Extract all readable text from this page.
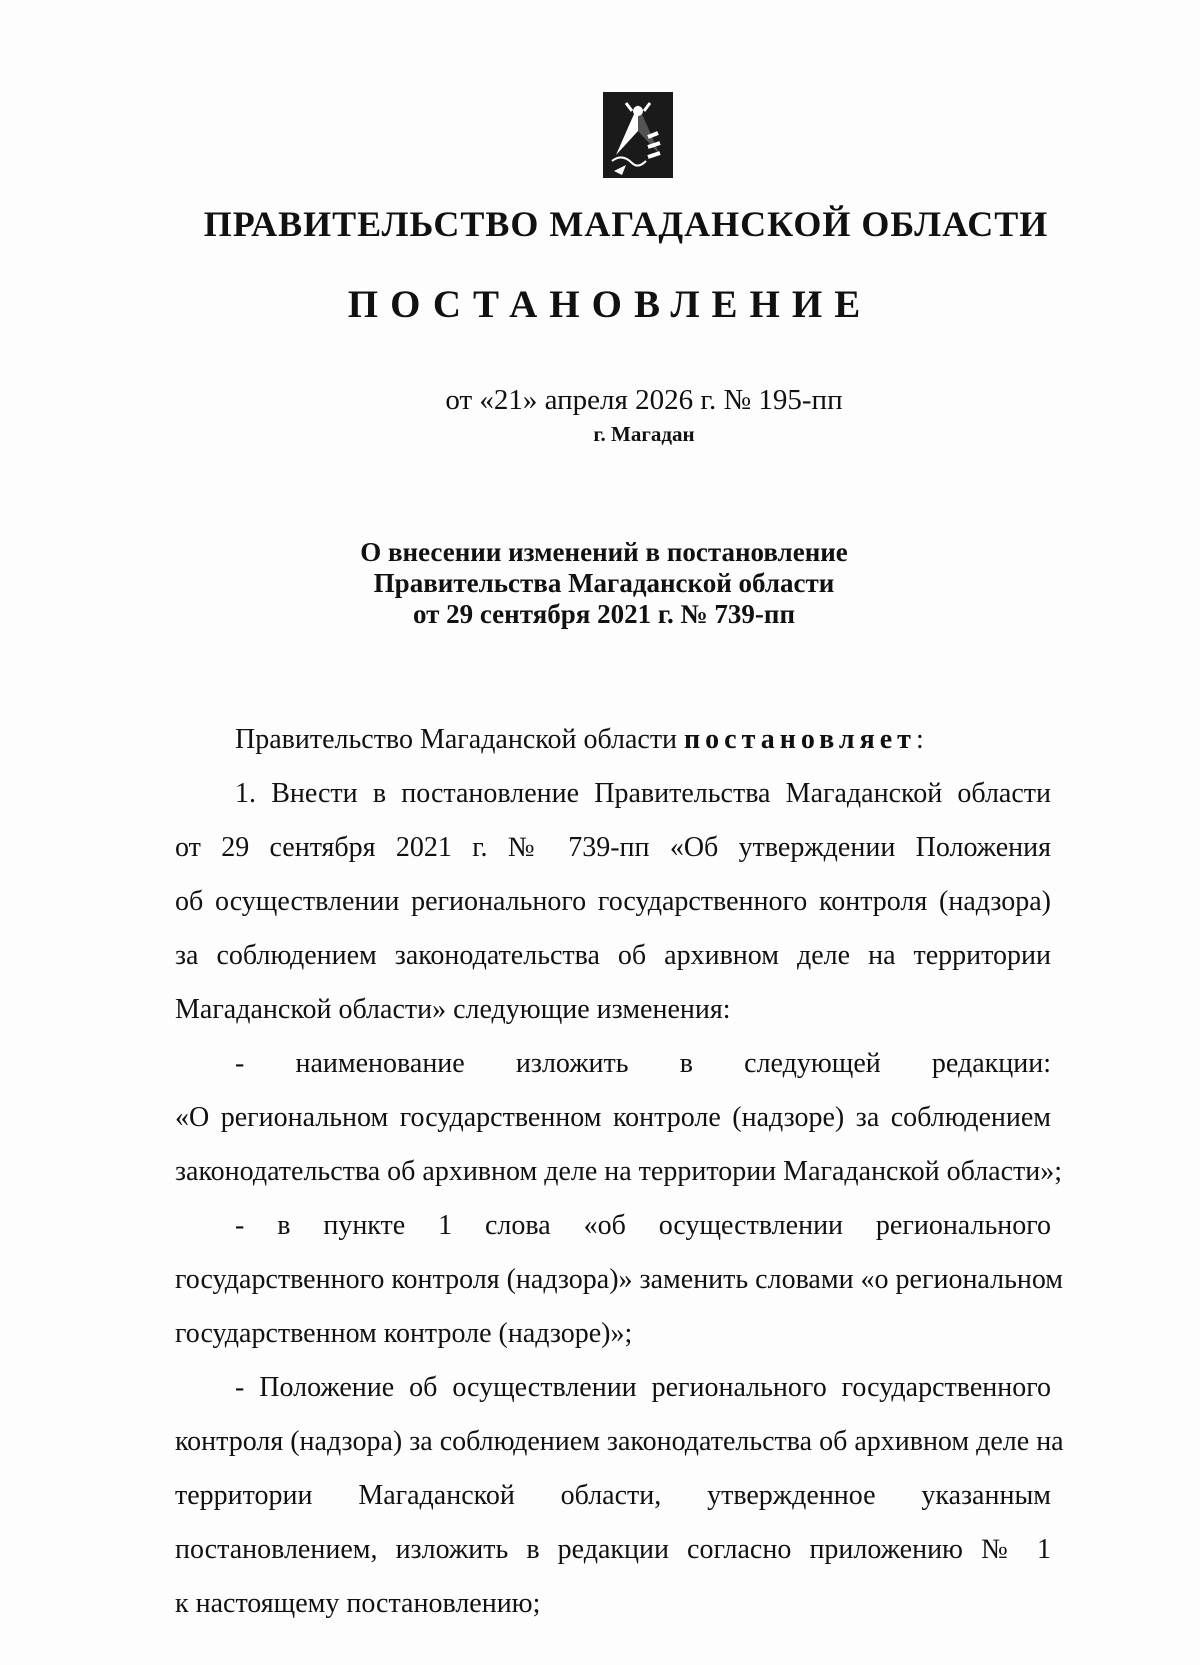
ПРАВИТЕЛЬСТВО МАГАДАНСКОЙ ОБЛАСТИ
ПОСТАНОВЛЕНИЕ
от «21» апреля 2026 г. № 195-пп
г. Магадан
О внесении изменений в постановление
Правительства Магаданской области
от 29 сентября 2021 г. № 739-пп
Правительство Магаданской области постановляет:
1. Внести в постановление Правительства Магаданской области
от 29 сентября 2021 г. № 739-пп «Об утверждении Положения
об осуществлении регионального государственного контроля (надзора)
за соблюдением законодательства об архивном деле на территории
Магаданской области» следующие изменения:
- наименование изложить в следующей редакции:
«О региональном государственном контроле (надзоре) за соблюдением
законодательства об архивном деле на территории Магаданской области»;
- в пункте 1 слова «об осуществлении регионального
государственного контроля (надзора)» заменить словами «о региональном
государственном контроле (надзоре)»;
- Положение об осуществлении регионального государственного
контроля (надзора) за соблюдением законодательства об архивном деле на
территории Магаданской области, утвержденное указанным
постановлением, изложить в редакции согласно приложению № 1
к настоящему постановлению;
